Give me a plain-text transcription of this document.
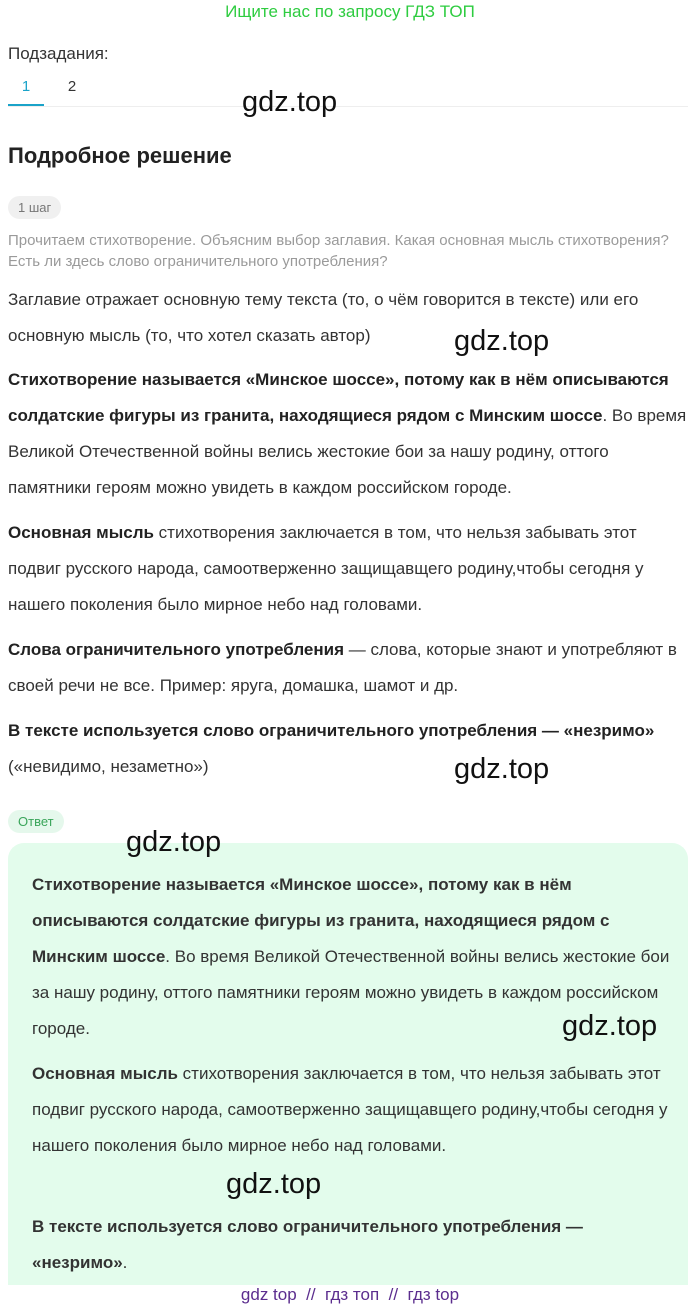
Ищите нас по запросу ГДЗ ТОП
Подзадания:
1	2	gdz.top
Подробное решение
1 шаг
Прочитаем стихотворение. Объясним выбор заглавия. Какая основная мысль стихотворения? Есть ли здесь слово ограничительного употребления?
Заглавие отражает основную тему текста (то, о чём говорится в тексте) или его основную мысль (то, что хотел сказать автор)	gdz.top
Стихотворение называется «Минское шоссе», потому как в нём описываются солдатские фигуры из гранита, находящиеся рядом с Минским шоссе. Во время Великой Отечественной войны велись жестокие бои за нашу родину, оттого памятники героям можно увидеть в каждом российском городе.
Основная мысль стихотворения заключается в том, что нельзя забывать этот подвиг русского народа, самоотверженно защищавщего родину,чтобы сегодня у нашего поколения было мирное небо над головами.
Слова ограничительного употребления — слова, которые знают и употребляют в своей речи не все. Пример: яруга, домашка, шамот и др.
В тексте используется слово ограничительного употребления — «незримо» («невидимо, незаметно»)	gdz.top
Ответ
gdz.top
Стихотворение называется «Минское шоссе», потому как в нём описываются солдатские фигуры из гранита, находящиеся рядом с Минским шоссе. Во время Великой Отечественной войны велись жестокие бои за нашу родину, оттого памятники героям можно увидеть в каждом российском городе.	gdz.top
Основная мысль стихотворения заключается в том, что нельзя забывать этот подвиг русского народа, самоотверженно защищавщего родину,чтобы сегодня у нашего поколения было мирное небо над головами.
gdz.top
В тексте используется слово ограничительного употребления — «незримо».
gdz top // гдз топ // гдз top
